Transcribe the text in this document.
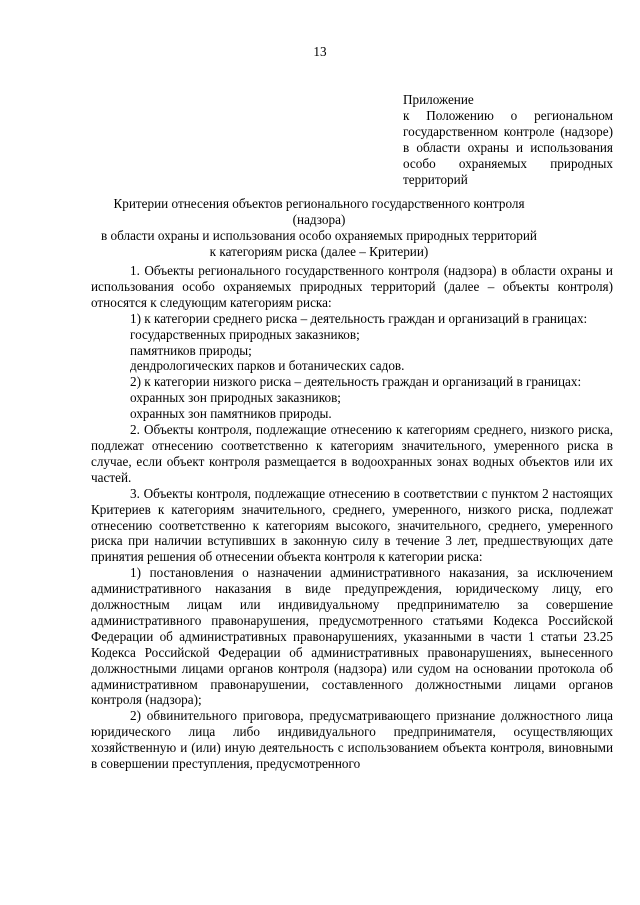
13
Приложение
к Положению о региональном государственном контроле (надзоре) в области охраны и использования особо охраняемых природных территорий
Критерии отнесения объектов регионального государственного контроля (надзора)
в области охраны и использования особо охраняемых природных территорий
к категориям риска (далее – Критерии)

1. Объекты регионального государственного контроля (надзора) в области охраны и использования особо охраняемых природных территорий (далее – объекты контроля) относятся к следующим категориям риска:

1) к категории среднего риска – деятельность граждан и организаций в границах:

государственных природных заказников;

памятников природы;

дендрологических парков и ботанических садов.

2) к категории низкого риска – деятельность граждан и организаций в границах:

охранных зон природных заказников;

охранных зон памятников природы.

2. Объекты контроля, подлежащие отнесению к категориям среднего, низкого риска, подлежат отнесению соответственно к категориям значительного, умеренного риска в случае, если объект контроля размещается в водоохранных зонах водных объектов или их частей.

3. Объекты контроля, подлежащие отнесению в соответствии с пунктом 2 настоящих Критериев к категориям значительного, среднего, умеренного, низкого риска, подлежат отнесению соответственно к категориям высокого, значительного, среднего, умеренного риска при наличии вступивших в законную силу в течение 3 лет, предшествующих дате принятия решения об отнесении объекта контроля к категории риска:

1) постановления о назначении административного наказания, за исключением административного наказания в виде предупреждения, юридическому лицу, его должностным лицам или индивидуальному предпринимателю за совершение административного правонарушения, предусмотренного статьями Кодекса Российской Федерации об административных правонарушениях, указанными в части 1 статьи 23.25 Кодекса Российской Федерации об административных правонарушениях, вынесенного должностными лицами органов контроля (надзора) или судом на основании протокола об административном правонарушении, составленного должностными лицами органов контроля (надзора);

2) обвинительного приговора, предусматривающего признание должностного лица юридического лица либо индивидуального предпринимателя, осуществляющих хозяйственную и (или) иную деятельность с использованием объекта контроля, виновными в совершении преступления, предусмотренного
